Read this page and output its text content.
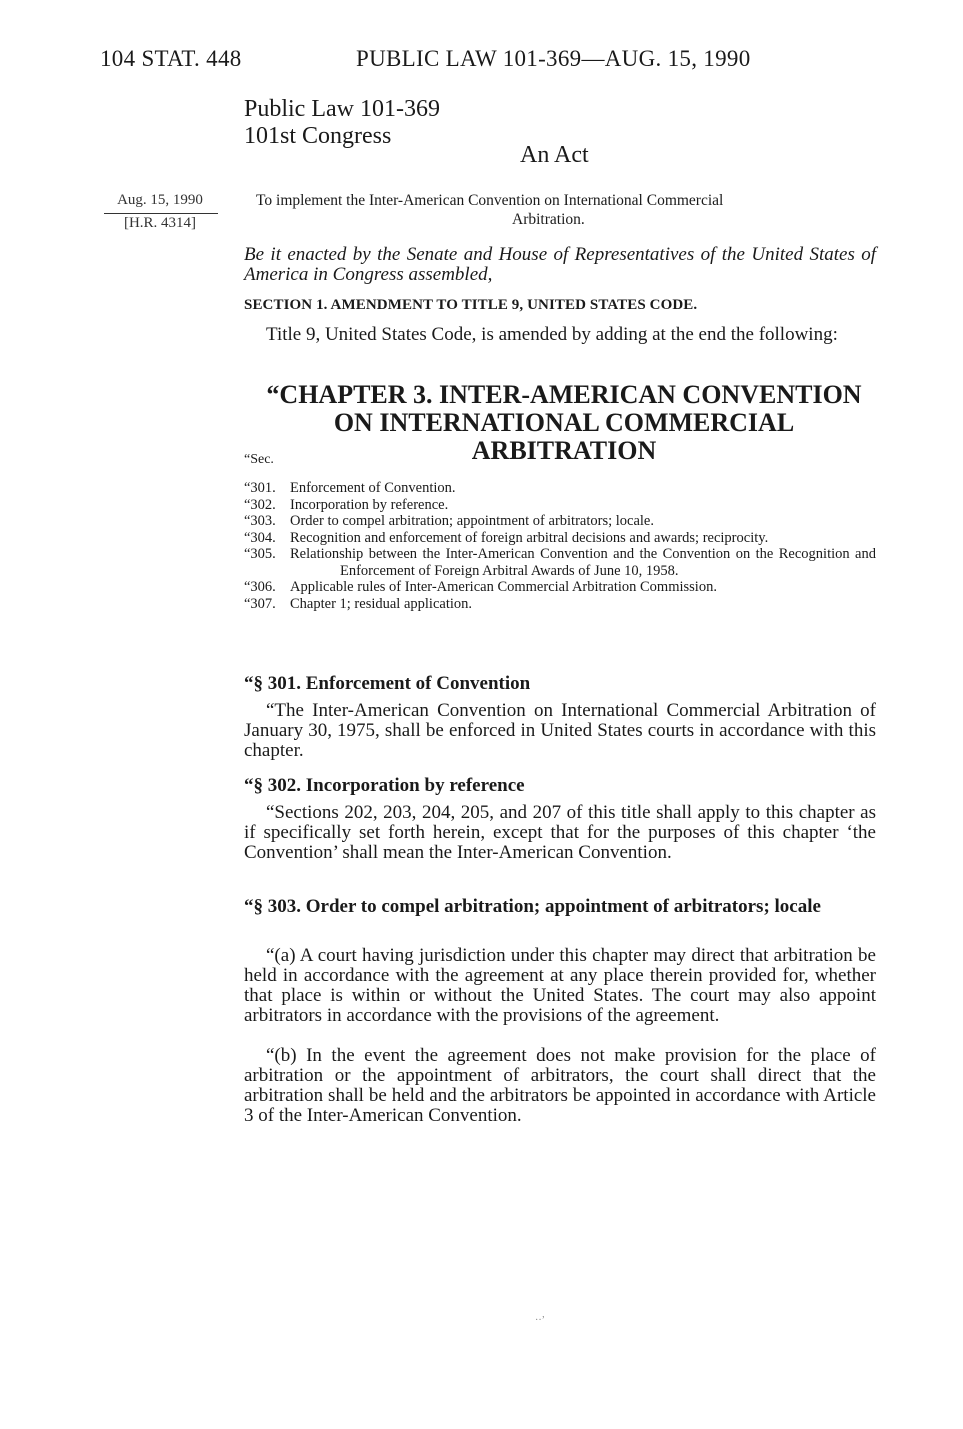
104 STAT. 448	PUBLIC LAW 101-369—AUG. 15, 1990
Public Law 101-369
101st Congress
An Act
Aug. 15, 1990
[H.R. 4314]
To implement the Inter-American Convention on International Commercial
Arbitration.
Be it enacted by the Senate and House of Representatives of the United States of America in Congress assembled,
SECTION 1. AMENDMENT TO TITLE 9, UNITED STATES CODE.
Title 9, United States Code, is amended by adding at the end the following:
“CHAPTER 3. INTER-AMERICAN CONVENTION ON INTERNATIONAL COMMERCIAL ARBITRATION
“Sec.
“301. Enforcement of Convention.
“302. Incorporation by reference.
“303. Order to compel arbitration; appointment of arbitrators; locale.
“304. Recognition and enforcement of foreign arbitral decisions and awards; reciprocity.
“305. Relationship between the Inter-American Convention and the Convention on the Recognition and Enforcement of Foreign Arbitral Awards of June 10, 1958.
“306. Applicable rules of Inter-American Commercial Arbitration Commission.
“307. Chapter 1; residual application.
“§ 301. Enforcement of Convention
“The Inter-American Convention on International Commercial Arbitration of January 30, 1975, shall be enforced in United States courts in accordance with this chapter.
“§ 302. Incorporation by reference
“Sections 202, 203, 204, 205, and 207 of this title shall apply to this chapter as if specifically set forth herein, except that for the purposes of this chapter ‘the Convention’ shall mean the Inter-American Convention.
“§ 303. Order to compel arbitration; appointment of arbitrators; locale
“(a) A court having jurisdiction under this chapter may direct that arbitration be held in accordance with the agreement at any place therein provided for, whether that place is within or without the United States. The court may also appoint arbitrators in accordance with the provisions of the agreement.
“(b) In the event the agreement does not make provision for the place of arbitration or the appointment of arbitrators, the court shall direct that the arbitration shall be held and the arbitrators be appointed in accordance with Article 3 of the Inter-American Convention.
··’
